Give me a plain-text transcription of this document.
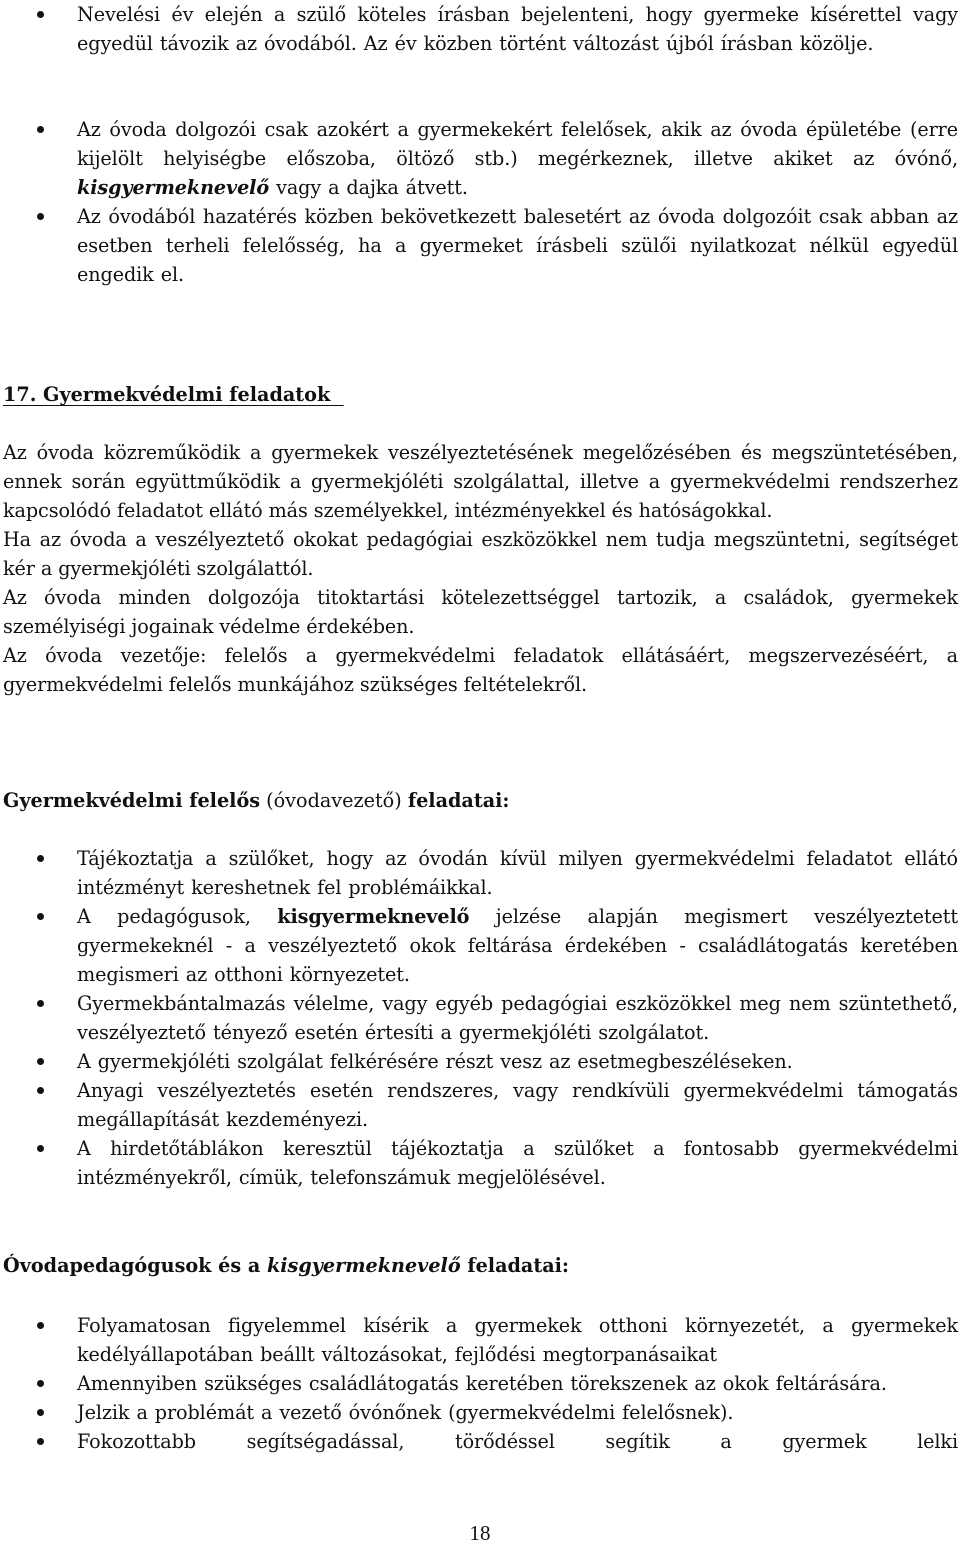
Nevelési év elején a szülő köteles írásban bejelenteni, hogy gyermeke kísérettel vagy egyedül távozik az óvodából. Az év közben történt változást újból írásban közölje.
Az óvoda dolgozói csak azokért a gyermekekért felelősek, akik az óvoda épületébe (erre kijelölt helyiségbe előszoba, öltöző stb.) megérkeznek, illetve akiket az óvónő, kisgyermeknevelő vagy a dajka átvett.
Az óvodából hazatérés közben bekövetkezett balesetért az óvoda dolgozóit csak abban az esetben terheli felelősség, ha a gyermeket írásbeli szülői nyilatkozat nélkül egyedül engedik el.
17. Gyermekvédelmi feladatok

Az óvoda közreműködik a gyermekek veszélyeztetésének megelőzésében és megszüntetésében, ennek során együttműködik a gyermekjóléti szolgálattal, illetve a gyermekvédelmi rendszerhez kapcsolódó feladatot ellátó más személyekkel, intézményekkel és hatóságokkal.

Ha az óvoda a veszélyeztető okokat pedagógiai eszközökkel nem tudja megszüntetni, segítséget kér a gyermekjóléti szolgálattól.

Az óvoda minden dolgozója titoktartási kötelezettséggel tartozik, a családok, gyermekek személyiségi jogainak védelme érdekében.

Az óvoda vezetője: felelős a gyermekvédelmi feladatok ellátásáért, megszervezéséért, a gyermekvédelmi felelős munkájához szükséges feltételekről.

Gyermekvédelmi felelős (óvodavezető) feladatai:
Tájékoztatja a szülőket, hogy az óvodán kívül milyen gyermekvédelmi feladatot ellátó intézményt kereshetnek fel problémáikkal.
A pedagógusok, kisgyermeknevelő jelzése alapján megismert veszélyeztetett gyermekeknél - a veszélyeztető okok feltárása érdekében - családlátogatás keretében megismeri az otthoni környezetet.
Gyermekbántalmazás vélelme, vagy egyéb pedagógiai eszközökkel meg nem szüntethető, veszélyeztető tényező esetén értesíti a gyermekjóléti szolgálatot.
A gyermekjóléti szolgálat felkérésére részt vesz az esetmegbeszéléseken.
Anyagi veszélyeztetés esetén rendszeres, vagy rendkívüli gyermekvédelmi támogatás megállapítását kezdeményezi.
A hirdetőtáblákon keresztül tájékoztatja a szülőket a fontosabb gyermekvédelmi intézményekről, címük, telefonszámuk megjelölésével.
Óvodapedagógusok és a kisgyermeknevelő feladatai:
Folyamatosan figyelemmel kísérik a gyermekek otthoni környezetét, a gyermekek kedélyállapotában beállt változásokat, fejlődési megtorpanásaikat
Amennyiben szükséges családlátogatás keretében törekszenek az okok feltárására.
Jelzik a problémát a vezető óvónőnek (gyermekvédelmi felelősnek).
Fokozottabb segítségadással, törődéssel segítik a gyermek lelki
18
